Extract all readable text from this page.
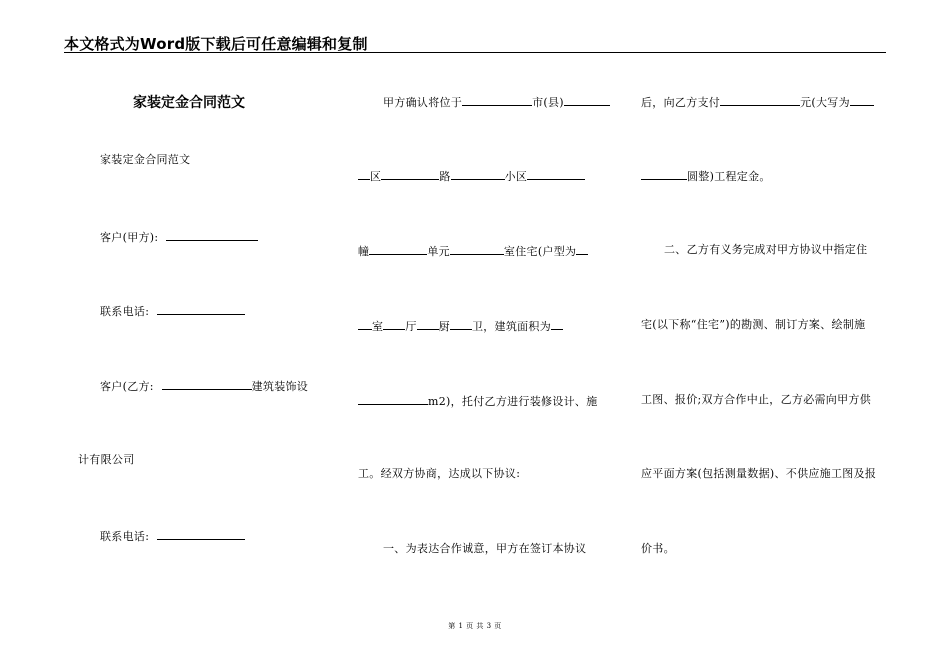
本文格式为Word版下载后可任意编辑和复制
家装定金合同范文
家装定金合同范文
客户(甲方):
联系电话:
客户(乙方:	建筑装饰设
计有限公司
联系电话:
甲方确认将位于	市(县)
区	路	小区
幢	单元	室住宅(户型为
室 厅 厨 卫，建筑面积为
m2)，托付乙方进行装修设计、施
工。经双方协商，达成以下协议:
一、为表达合作诚意，甲方在签订本协议
后，向乙方支付	元(大写为
圆整)工程定金。
二、乙方有义务完成对甲方协议中指定住
宅(以下称“住宅”)的勘测、制订方案、绘制施
工图、报价;双方合作中止，乙方必需向甲方供
应平面方案(包括测量数据)、不供应施工图及报
价书。
第 1 页 共 3 页
